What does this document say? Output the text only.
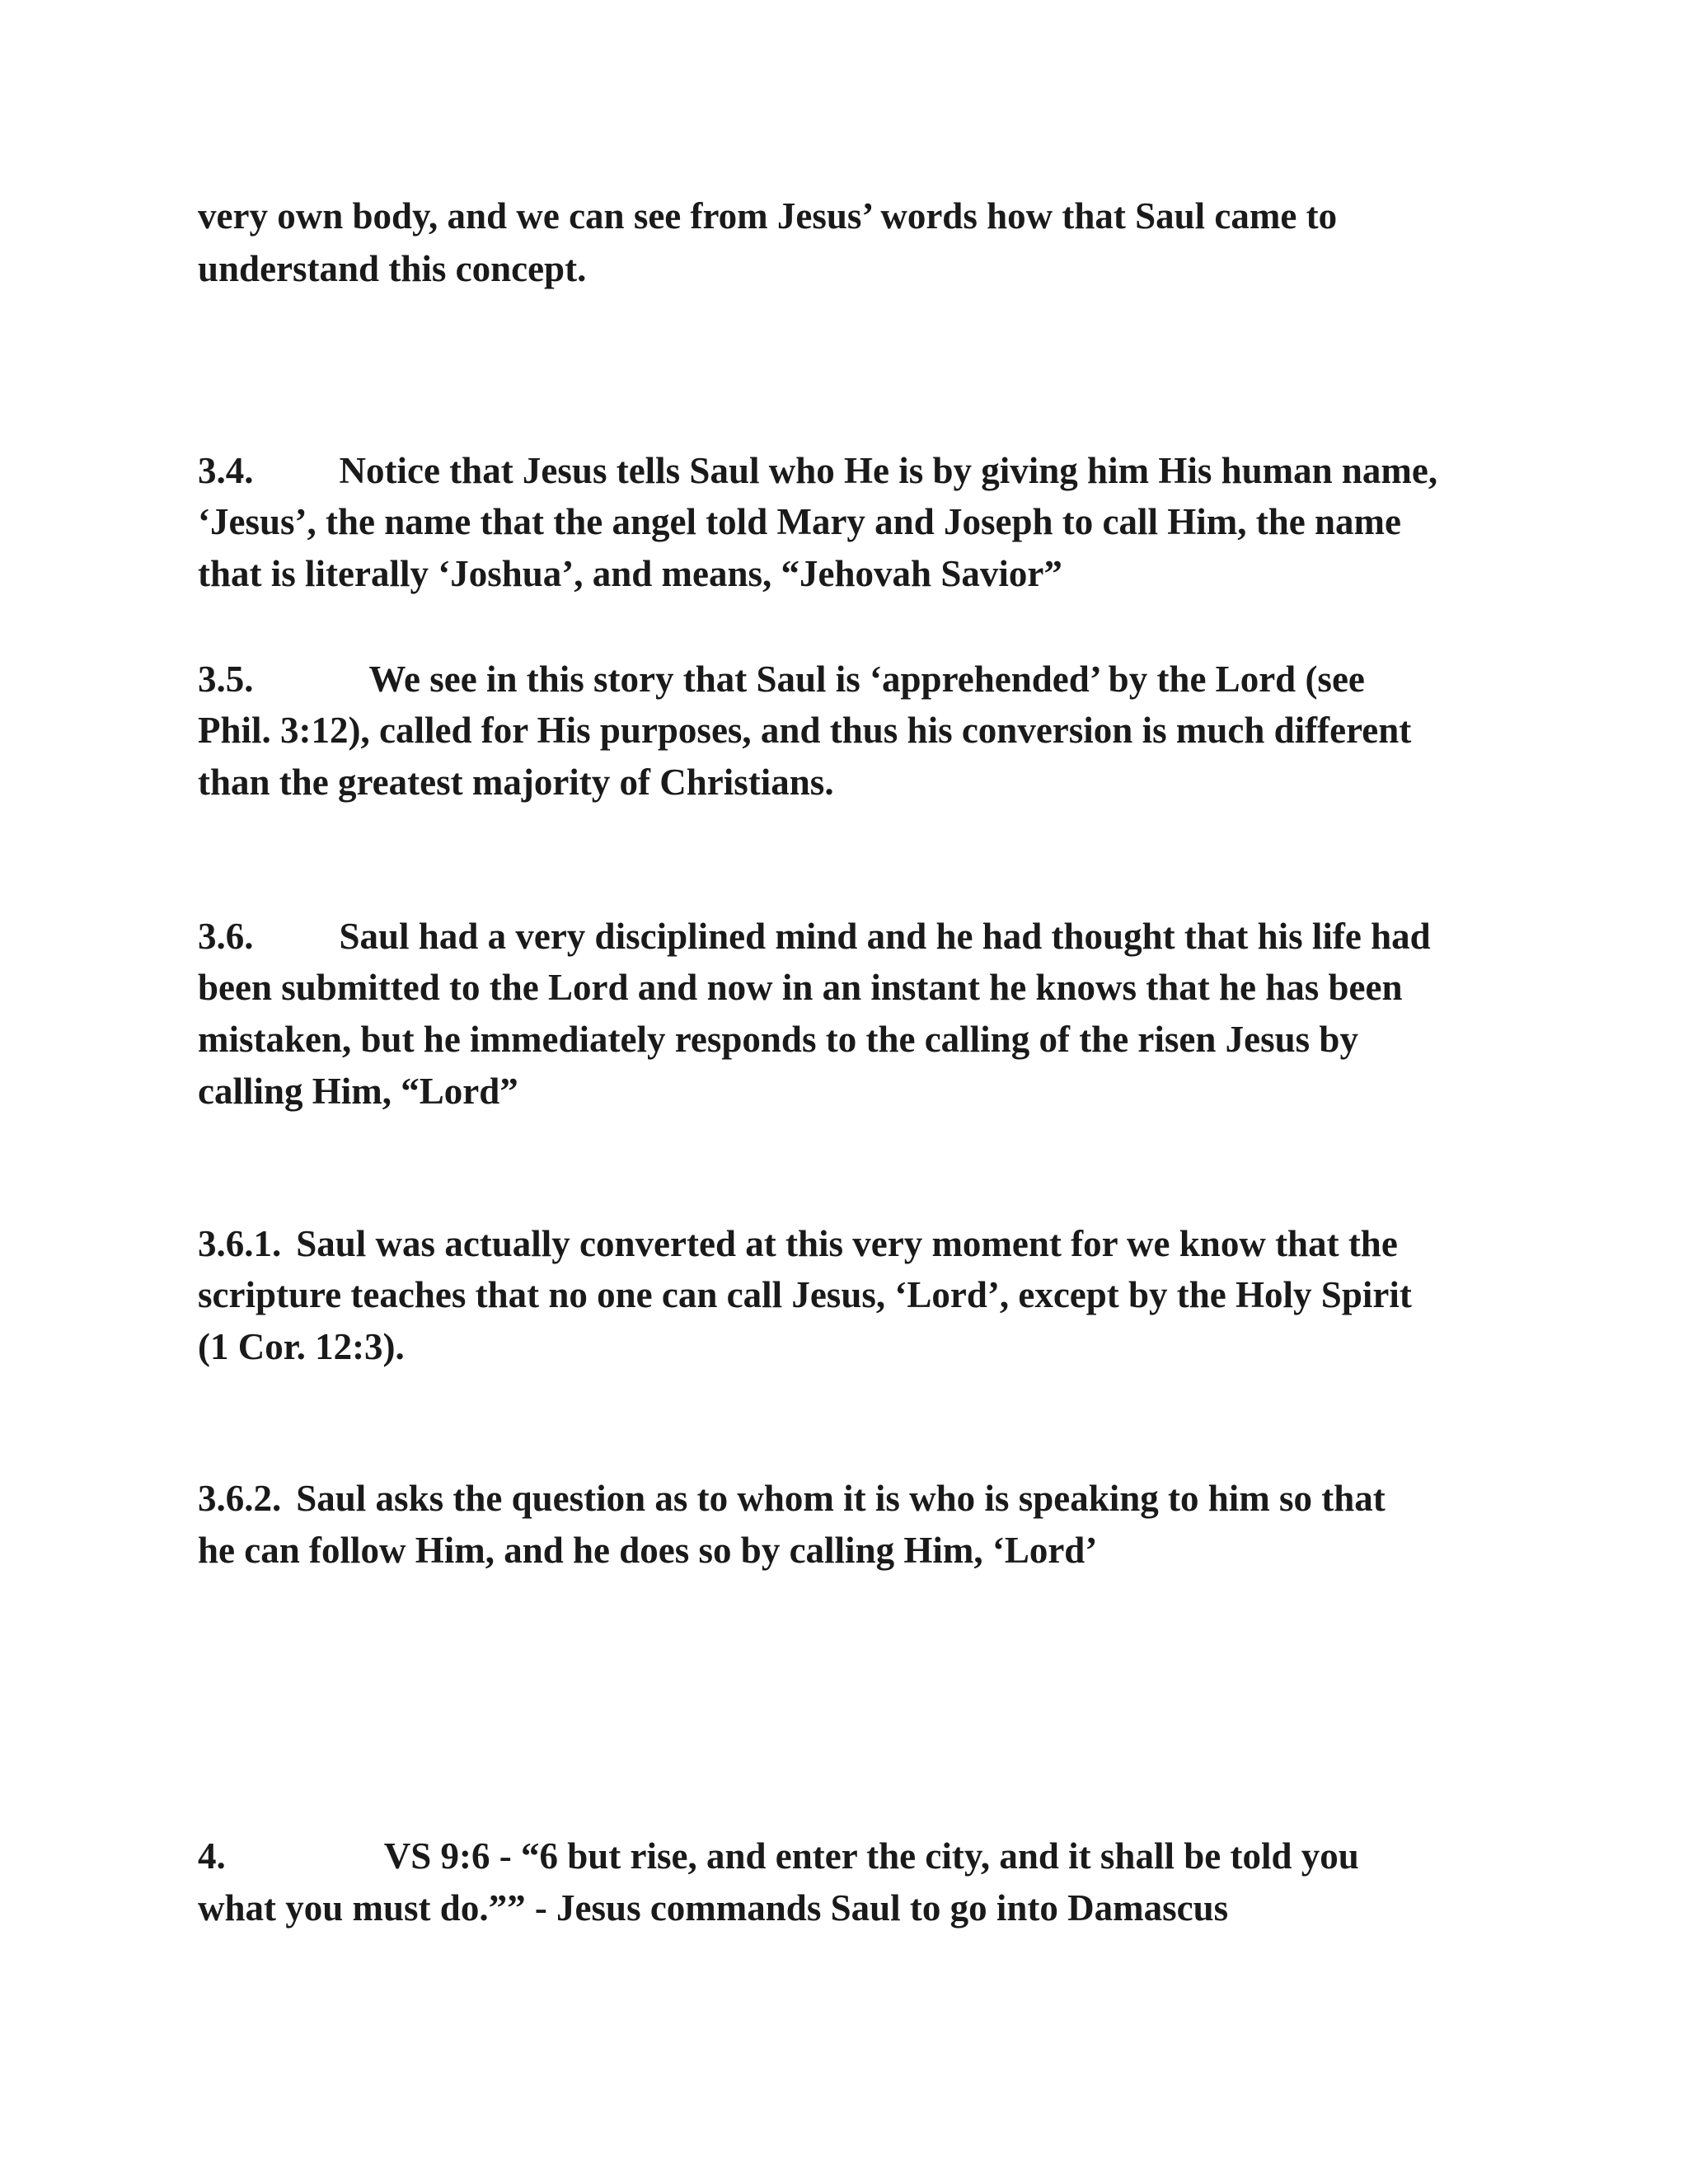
very own body, and we can see from Jesus’ words how that Saul came to
understand this concept.
3.4. Notice that Jesus tells Saul who He is by giving him His human name,
‘Jesus’, the name that the angel told Mary and Joseph to call Him, the name
that is literally ‘Joshua’, and means, “Jehovah Savior”
3.5.	We see in this story that Saul is ‘apprehended’ by the Lord (see
Phil. 3:12), called for His purposes, and thus his conversion is much different
than the greatest majority of Christians.
3.6. Saul had a very disciplined mind and he had thought that his life had
been submitted to the Lord and now in an instant he knows that he has been
mistaken, but he immediately responds to the calling of the risen Jesus by
calling Him, “Lord”
3.6.1. Saul was actually converted at this very moment for we know that the
scripture teaches that no one can call Jesus, ‘Lord’, except by the Holy Spirit
(1 Cor. 12:3).
3.6.2. Saul asks the question as to whom it is who is speaking to him so that
he can follow Him, and he does so by calling Him, ‘Lord’
4.	VS 9:6 - “6 but rise, and enter the city, and it shall be told you
what you must do.”” - Jesus commands Saul to go into Damascus
